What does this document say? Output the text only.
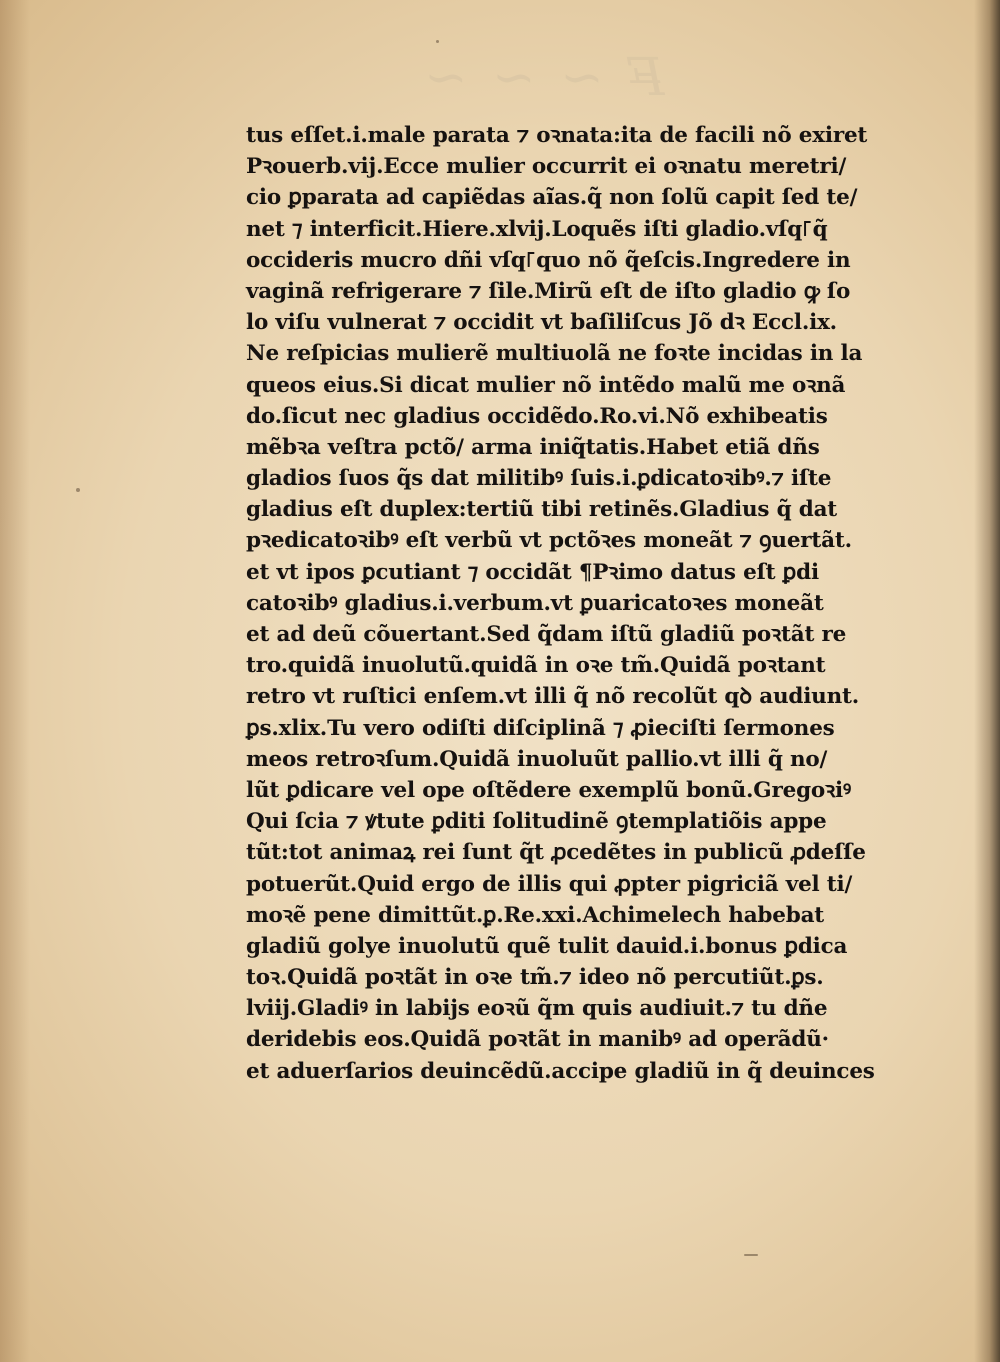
F̶ ~ ~ ~
tus eſſet.i.male parata ⁊ oꝛnata:ita de facili nõ exiret
Pꝛouerb.vij.Ecce mulier occurrit ei oꝛnatu meretri/
cio ꝑparata ad capiẽdas aĩas.q̃ non ſolũ capit ſed te/
net ⁊ interficit.Hiere.xlvij.Loquẽs iſti gladio.vſq꜒q̃
occideris mucro dñi vſq꜒quo nõ q̃eſcis.Ingredere in
vaginã refrigerare ⁊ ſile.Mirũ eſt de iſto gladio ꝙ ſo
lo viſu vulnerat ⁊ occidit vt baſiliſcus Jõ dꝛ Eccl.ix.
Ne reſpicias mulierẽ multiuolã ne foꝛte incidas in la
queos eius.Si dicat mulier nõ intẽdo malũ me oꝛnã
do.ſicut nec gladius occidẽdo.Ro.vi.Nõ exhibeatis
mẽbꝛa veſtra pctõ/ arma iniq̃tatis.Habet etiã dñs
gladios ſuos q̃s dat militibꝰ ſuis.i.ꝑdicatoꝛibꝰ.⁊ iſte
gladius eſt duplex:tertiũ tibi retinẽs.Gladius q̃ dat
pꝛedicatoꝛibꝰ eſt verbũ vt pctõꝛes moneãt ⁊ ꝯuertãt.
et vt ipos ꝑcutiant ⁊ occidãt ¶Pꝛimo datus eſt ꝑdi
catoꝛibꝰ gladius.i.verbum.vt ꝑuaricatoꝛes moneãt
et ad deũ cõuertant.Sed q̃dam iſtũ gladiũ poꝛtãt re
tro.quidã inuolutũ.quidã in oꝛe tm̃.Quidã poꝛtant
retro vt ruſtici enſem.vt illi q̃ nõ recolũt qꝺ audiunt.
ꝑs.xlix.Tu vero odiſti diſciplinã ⁊ ꝓieciſti ſermones
meos retroꝛſum.Quidã inuoluũt pallio.vt illi q̃ no/
lũt ꝑdicare vel ope oſtẽdere exemplũ bonũ.Gregoꝛiꝰ
Qui ſcia ⁊ ꝟtute ꝑditi ſolitudinẽ ꝯtemplatiõis appe
tũt:tot animaꝝ rei ſunt q̃t ꝓcedẽtes in publicũ ꝓdeſſe
potuerũt.Quid ergo de illis qui ꝓpter pigriciã vel ti/
moꝛẽ pene dimittũt.ꝑ.Re.xxi.Achimelech habebat
gladiũ golye inuolutũ quẽ tulit dauid.i.bonus ꝑdica
toꝛ.Quidã poꝛtãt in oꝛe tm̃.⁊ ideo nõ percutiũt.ꝑs.
lviij.Gladiꝰ in labijs eoꝛũ q̃m quis audiuit.⁊ tu dñe
deridebis eos.Quidã poꝛtãt in manibꝰ ad operãdũ·
et aduerſarios deuincẽdũ.accipe gladiũ in q̃ deuinces
